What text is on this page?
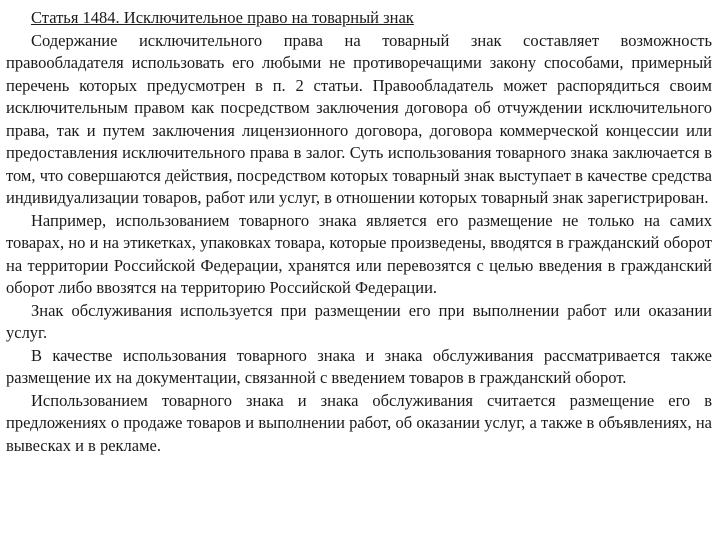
Статья 1484. Исключительное право на товарный знак

Содержание исключительного права на товарный знак составляет возможность правообладателя использовать его любыми не противоречащими закону способами, примерный перечень которых предусмотрен в п. 2 статьи. Правообладатель может распорядиться своим исключительным правом как посредством заключения договора об отчуждении исключительного права, так и путем заключения лицензионного договора, договора коммерческой концессии или предоставления исключительного права в залог. Суть использования товарного знака заключается в том, что совершаются действия, посредством которых товарный знак выступает в качестве средства индивидуализации товаров, работ или услуг, в отношении которых товарный знак зарегистрирован.

Например, использованием товарного знака является его размещение не только на самих товарах, но и на этикетках, упаковках товара, которые произведены, вводятся в гражданский оборот на территории Российской Федерации, хранятся или перевозятся с целью введения в гражданский оборот либо ввозятся на территорию Российской Федерации.

Знак обслуживания используется при размещении его при выполнении работ или оказании услуг.

В качестве использования товарного знака и знака обслуживания рассматривается также размещение их на документации, связанной с введением товаров в гражданский оборот.

Использованием товарного знака и знака обслуживания считается размещение его в предложениях о продаже товаров и выполнении работ, об оказании услуг, а также в объявлениях, на вывесках и в рекламе.
